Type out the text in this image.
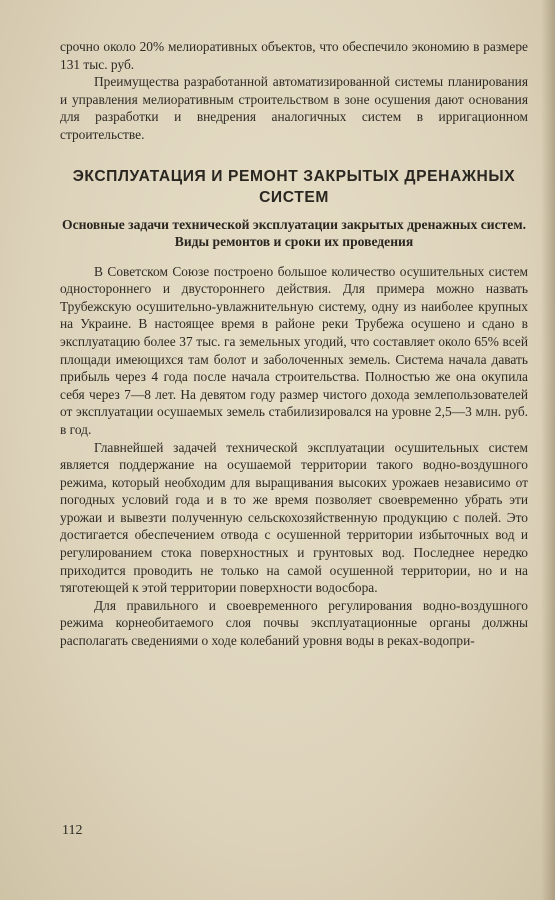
срочно около 20% мелиоративных объектов, что обеспечило экономию в размере 131 тыс. руб.

Преимущества разработанной автоматизированной системы планирования и управления мелиоративным строительством в зоне осушения дают основания для разработки и внедрения аналогичных систем в ирригационном строительстве.

ЭКСПЛУАТАЦИЯ И РЕМОНТ ЗАКРЫТЫХ ДРЕНАЖНЫХ СИСТЕМ
Основные задачи технической эксплуатации закрытых дренажных систем. Виды ремонтов и сроки их проведения

В Советском Союзе построено большое количество осушительных систем одностороннего и двустороннего действия. Для примера можно назвать Трубежскую осушительно-увлажнительную систему, одну из наиболее крупных на Украине. В настоящее время в районе реки Трубежа осушено и сдано в эксплуатацию более 37 тыс. га земельных угодий, что составляет около 65% всей площади имеющихся там болот и заболоченных земель. Система начала давать прибыль через 4 года после начала строительства. Полностью же она окупила себя через 7—8 лет. На девятом году размер чистого дохода землепользователей от эксплуатации осушаемых земель стабилизировался на уровне 2,5—3 млн. руб. в год.

Главнейшей задачей технической эксплуатации осушительных систем является поддержание на осушаемой территории такого водно-воздушного режима, который необходим для выращивания высоких урожаев независимо от погодных условий года и в то же время позволяет своевременно убрать эти урожаи и вывезти полученную сельскохозяйственную продукцию с полей. Это достигается обеспечением отвода с осушенной территории избыточных вод и регулированием стока поверхностных и грунтовых вод. Последнее нередко приходится проводить не только на самой осушенной территории, но и на тяготеющей к этой территории поверхности водосбора.

Для правильного и своевременного регулирования водно-воздушного режима корнеобитаемого слоя почвы эксплуатационные органы должны располагать сведениями о ходе колебаний уровня воды в реках-водопри-

112
